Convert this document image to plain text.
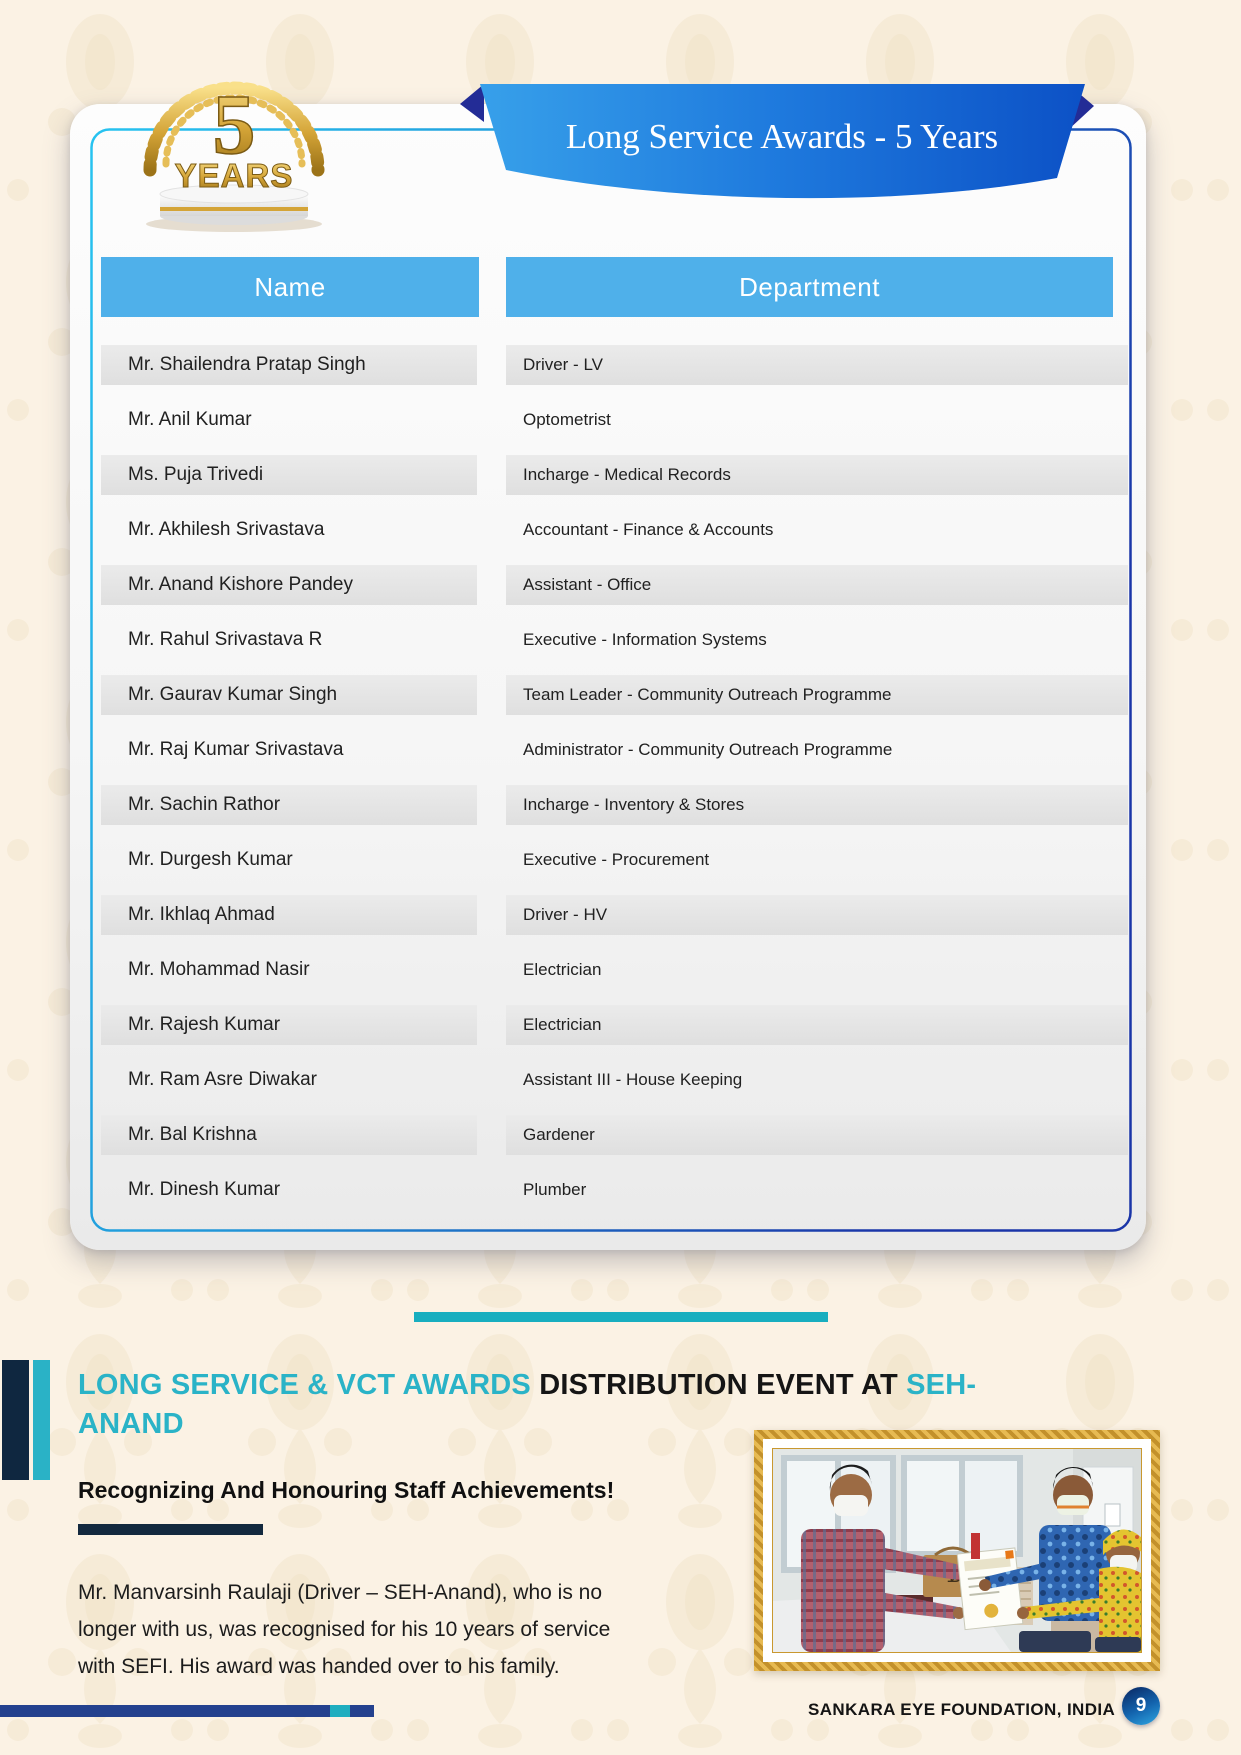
Name	Department
Mr. Shailendra Pratap Singh	Driver - LV
Mr. Anil Kumar	Optometrist
Ms. Puja Trivedi	Incharge - Medical Records
Mr. Akhilesh Srivastava	Accountant - Finance & Accounts
Mr. Anand Kishore Pandey	Assistant - Office
Mr. Rahul Srivastava R	Executive - Information Systems
Mr. Gaurav Kumar Singh	Team Leader - Community Outreach Programme
Mr. Raj Kumar Srivastava	Administrator - Community Outreach Programme
Mr. Sachin Rathor	Incharge - Inventory & Stores
Mr. Durgesh Kumar	Executive - Procurement
Mr. Ikhlaq Ahmad	Driver - HV
Mr. Mohammad Nasir	Electrician
Mr. Rajesh Kumar	Electrician
Mr. Ram Asre Diwakar	Assistant III - House Keeping
Mr. Bal Krishna	Gardener
Mr. Dinesh Kumar	Plumber
Long Service Awards - 5 Years
5
YEARS
LONG SERVICE & VCT AWARDS DISTRIBUTION EVENT AT SEH-ANAND
Recognizing And Honouring Staff Achievements!
Mr. Manvarsinh Raulaji (Driver – SEH-Anand), who is no longer with us, was recognised for his 10 years of service with SEFI. His award was handed over to his family.
SANKARA EYE FOUNDATION, INDIA	9
